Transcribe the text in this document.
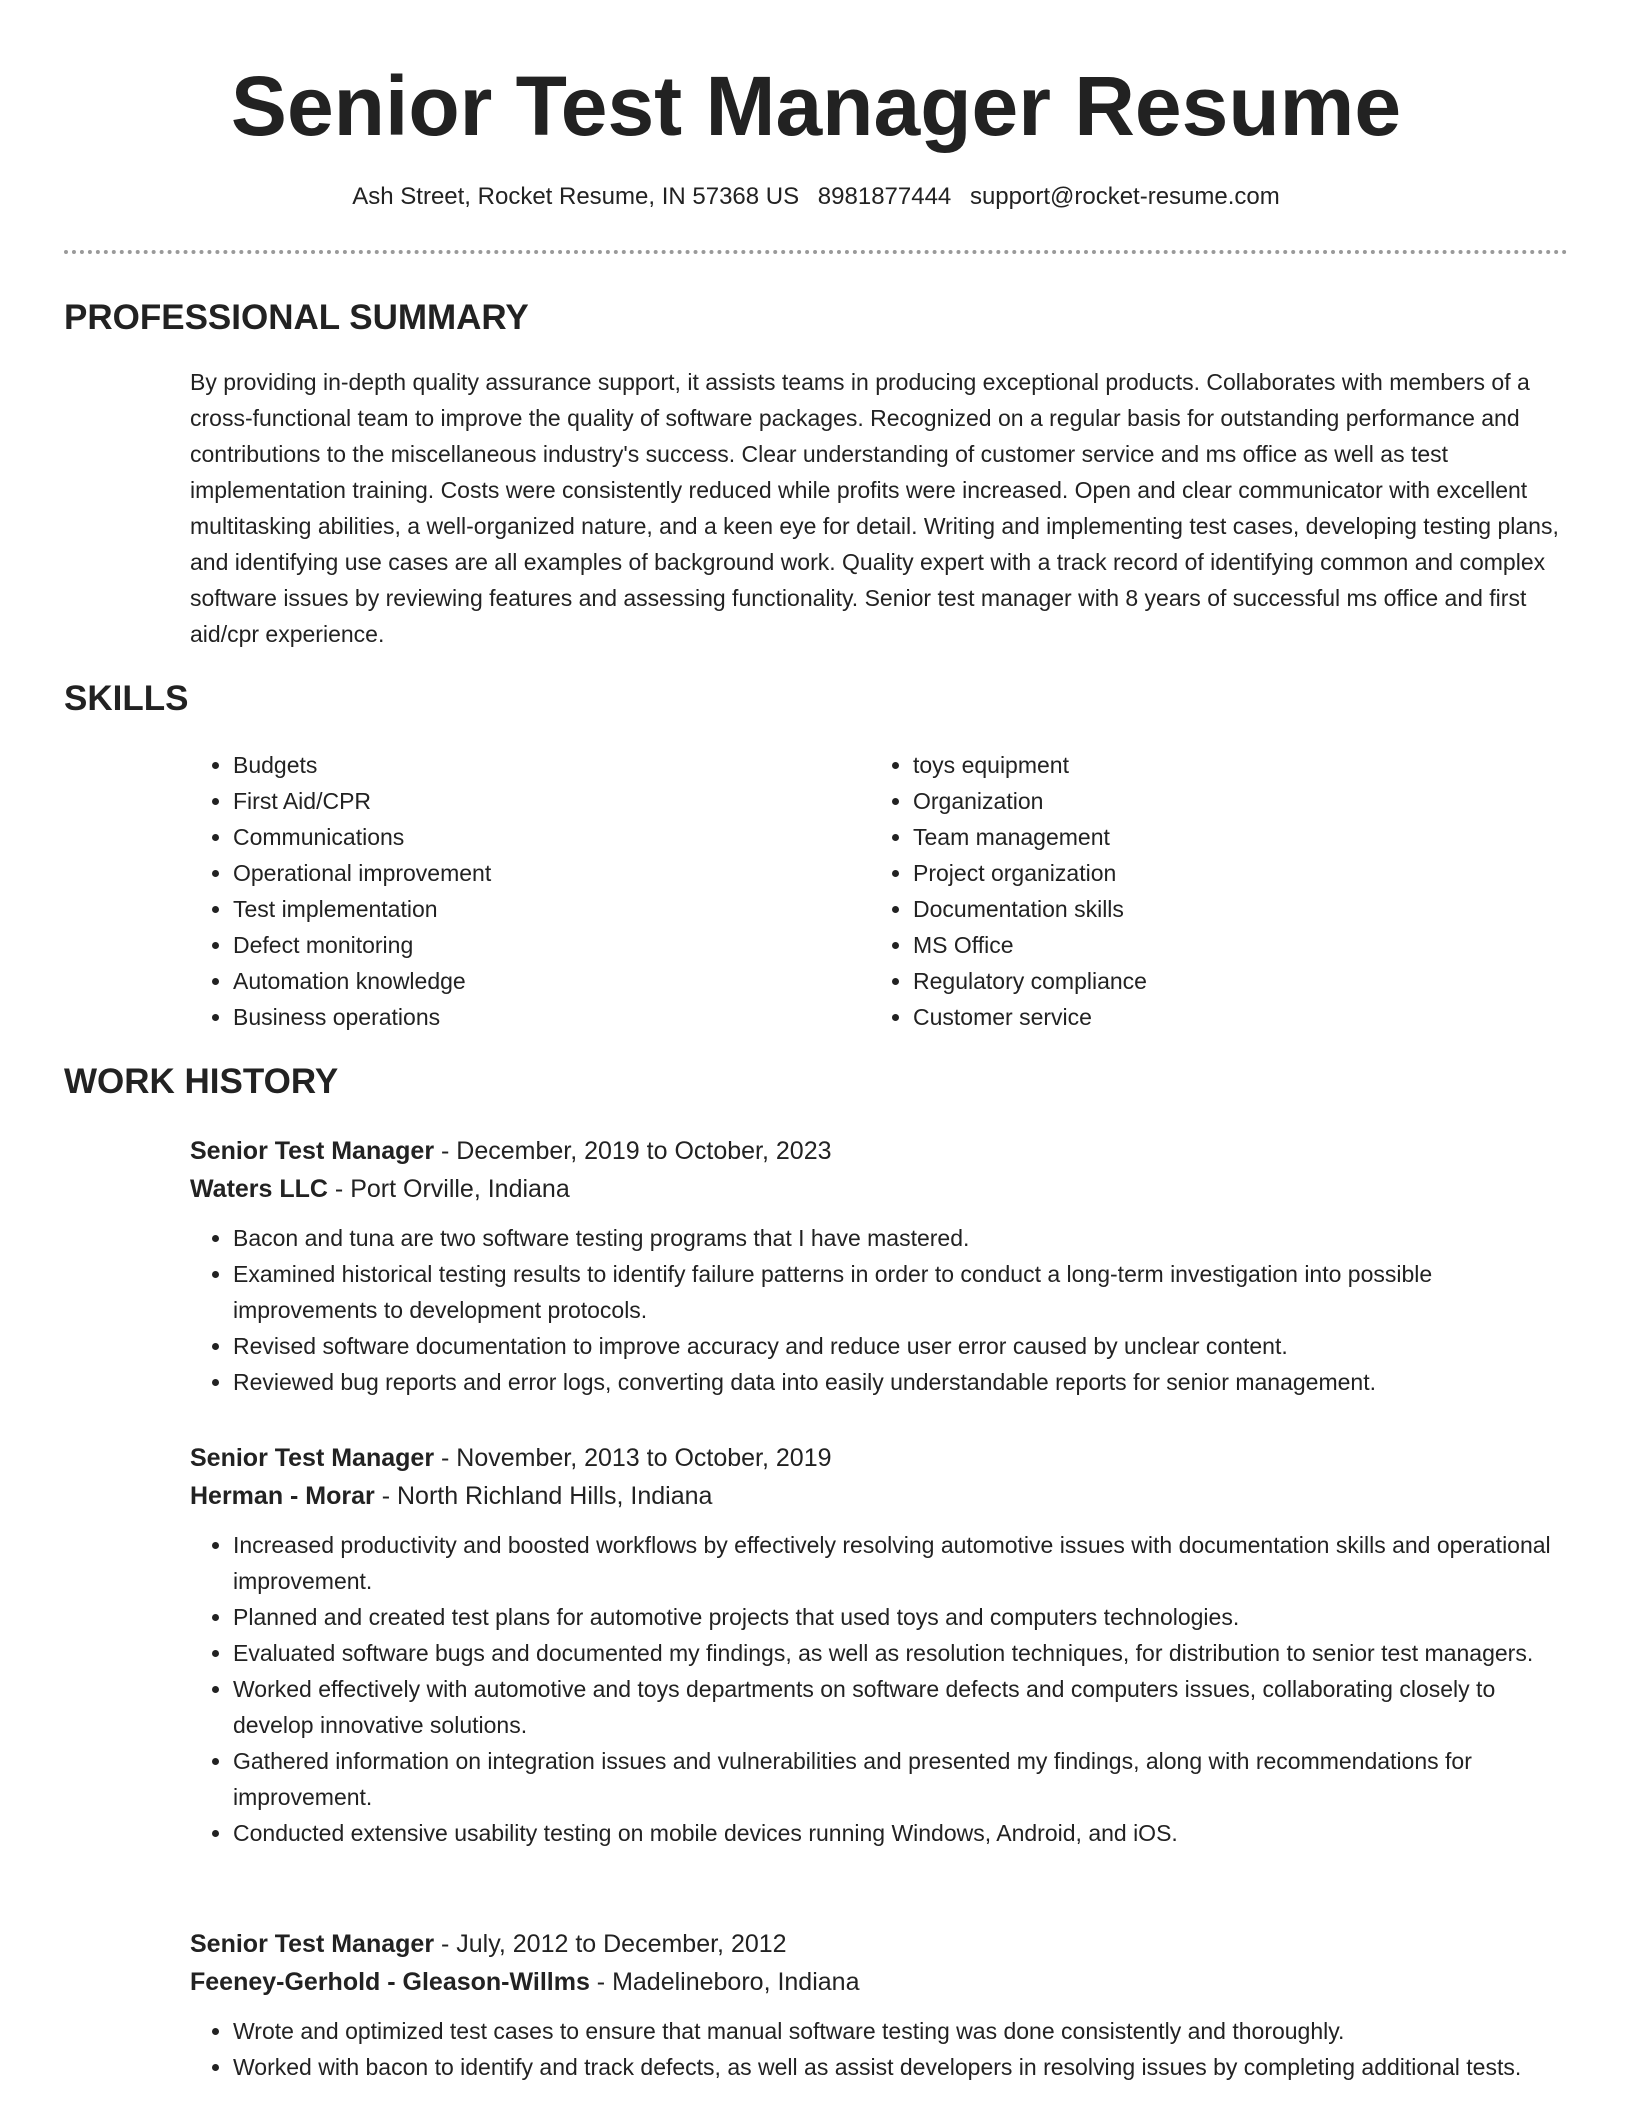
Senior Test Manager Resume
Ash Street, Rocket Resume, IN 57368 US 8981877444 support@rocket-resume.com
PROFESSIONAL SUMMARY

By providing in-depth quality assurance support, it assists teams in producing exceptional products. Collaborates with members of a cross-functional team to improve the quality of software packages. Recognized on a regular basis for outstanding performance and contributions to the miscellaneous industry's success. Clear understanding of customer service and ms office as well as test implementation training. Costs were consistently reduced while profits were increased. Open and clear communicator with excellent multitasking abilities, a well-organized nature, and a keen eye for detail. Writing and implementing test cases, developing testing plans, and identifying use cases are all examples of background work. Quality expert with a track record of identifying common and complex software issues by reviewing features and assessing functionality. Senior test manager with 8 years of successful ms office and first aid/cpr experience.

SKILLS
• Budgets
• First Aid/CPR
• Communications
• Operational improvement
• Test implementation
• Defect monitoring
• Automation knowledge
• Business operations
• toys equipment
• Organization
• Team management
• Project organization
• Documentation skills
• MS Office
• Regulatory compliance
• Customer service
WORK HISTORY
Senior Test Manager - December, 2019 to October, 2023
Waters LLC - Port Orville, Indiana
• Bacon and tuna are two software testing programs that I have mastered.
• Examined historical testing results to identify failure patterns in order to conduct a long-term investigation into possible improvements to development protocols.
• Revised software documentation to improve accuracy and reduce user error caused by unclear content.
• Reviewed bug reports and error logs, converting data into easily understandable reports for senior management.
Senior Test Manager - November, 2013 to October, 2019
Herman - Morar - North Richland Hills, Indiana
• Increased productivity and boosted workflows by effectively resolving automotive issues with documentation skills and operational improvement.
• Planned and created test plans for automotive projects that used toys and computers technologies.
• Evaluated software bugs and documented my findings, as well as resolution techniques, for distribution to senior test managers.
• Worked effectively with automotive and toys departments on software defects and computers issues, collaborating closely to develop innovative solutions.
• Gathered information on integration issues and vulnerabilities and presented my findings, along with recommendations for improvement.
• Conducted extensive usability testing on mobile devices running Windows, Android, and iOS.
Senior Test Manager - July, 2012 to December, 2012
Feeney-Gerhold - Gleason-Willms - Madelineboro, Indiana
• Wrote and optimized test cases to ensure that manual software testing was done consistently and thoroughly.
• Worked with bacon to identify and track defects, as well as assist developers in resolving issues by completing additional tests.
